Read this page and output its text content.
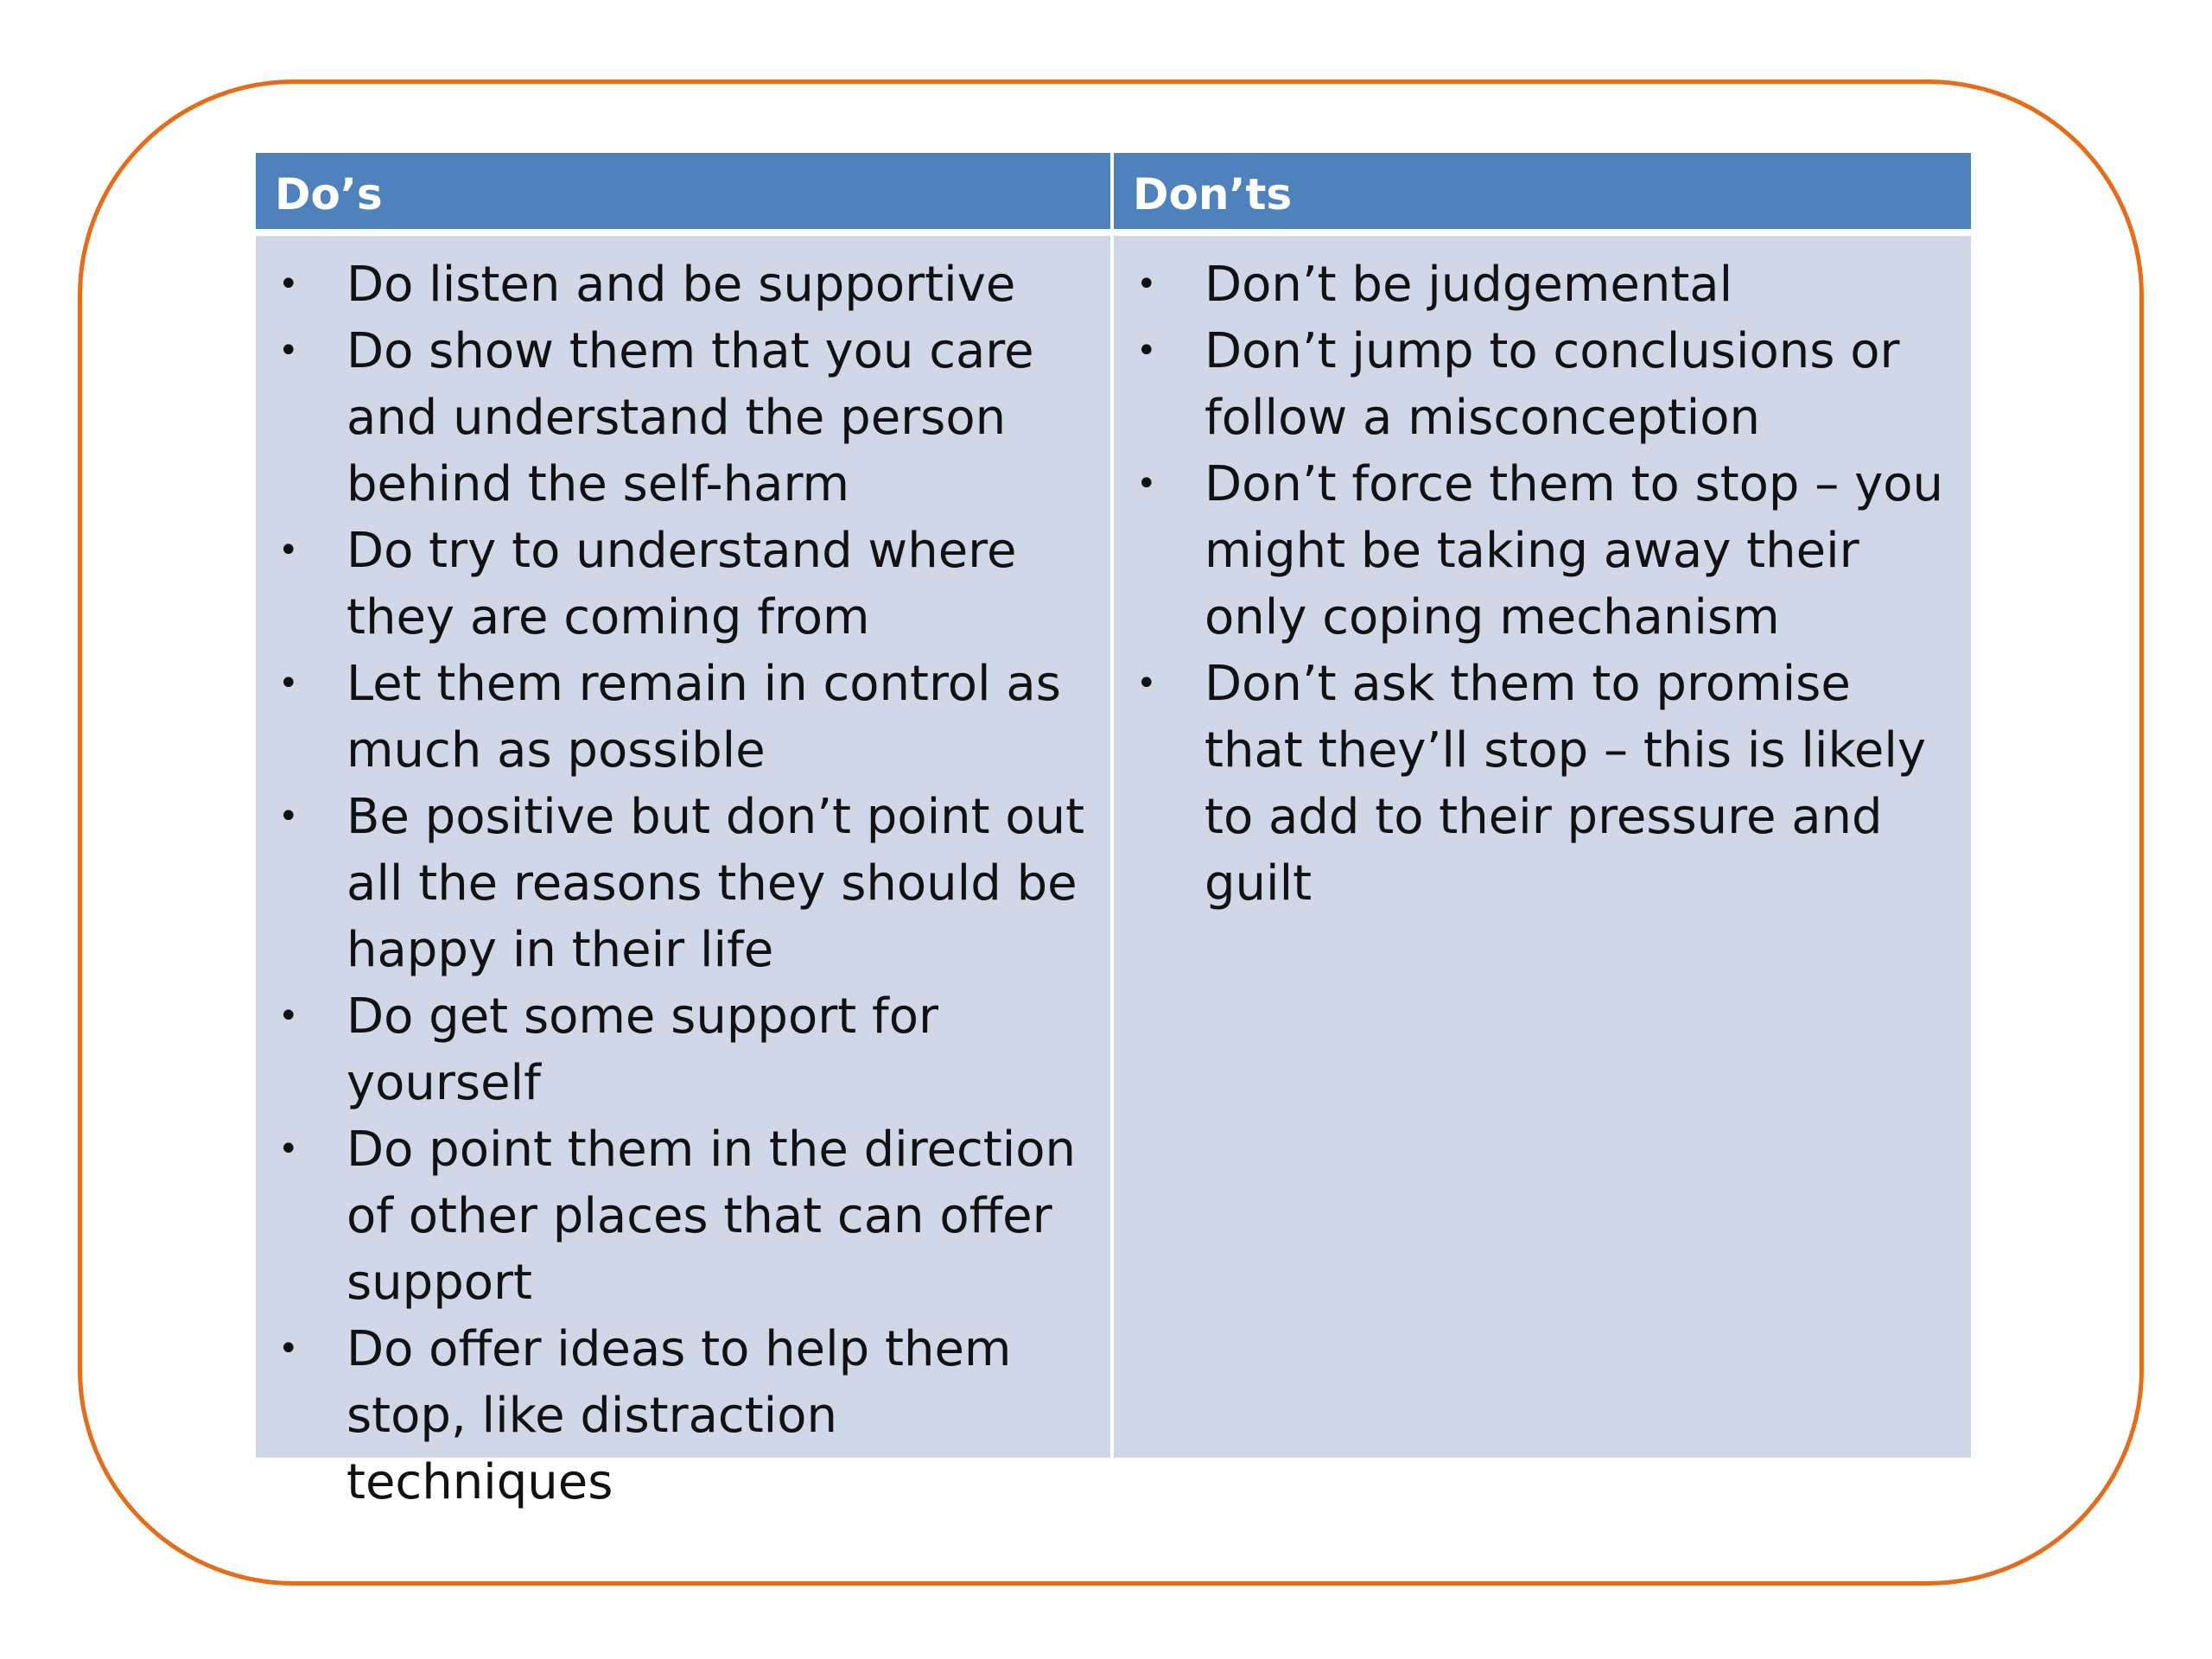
Do’s	Don’ts
• Do listen and be supportive
• Do show them that you care and understand the person behind the self-harm
• Do try to understand where they are coming from
• Let them remain in control as much as possible
• Be positive but don’t point out all the reasons they should be happy in their life
• Do get some support for yourself
• Do point them in the direction of other places that can offer support
• Do offer ideas to help them stop, like distraction techniques
• Don’t be judgemental
• Don’t jump to conclusions or follow a misconception
• Don’t force them to stop – you might be taking away their only coping mechanism
• Don’t ask them to promise that they’ll stop – this is likely to add to their pressure and guilt
